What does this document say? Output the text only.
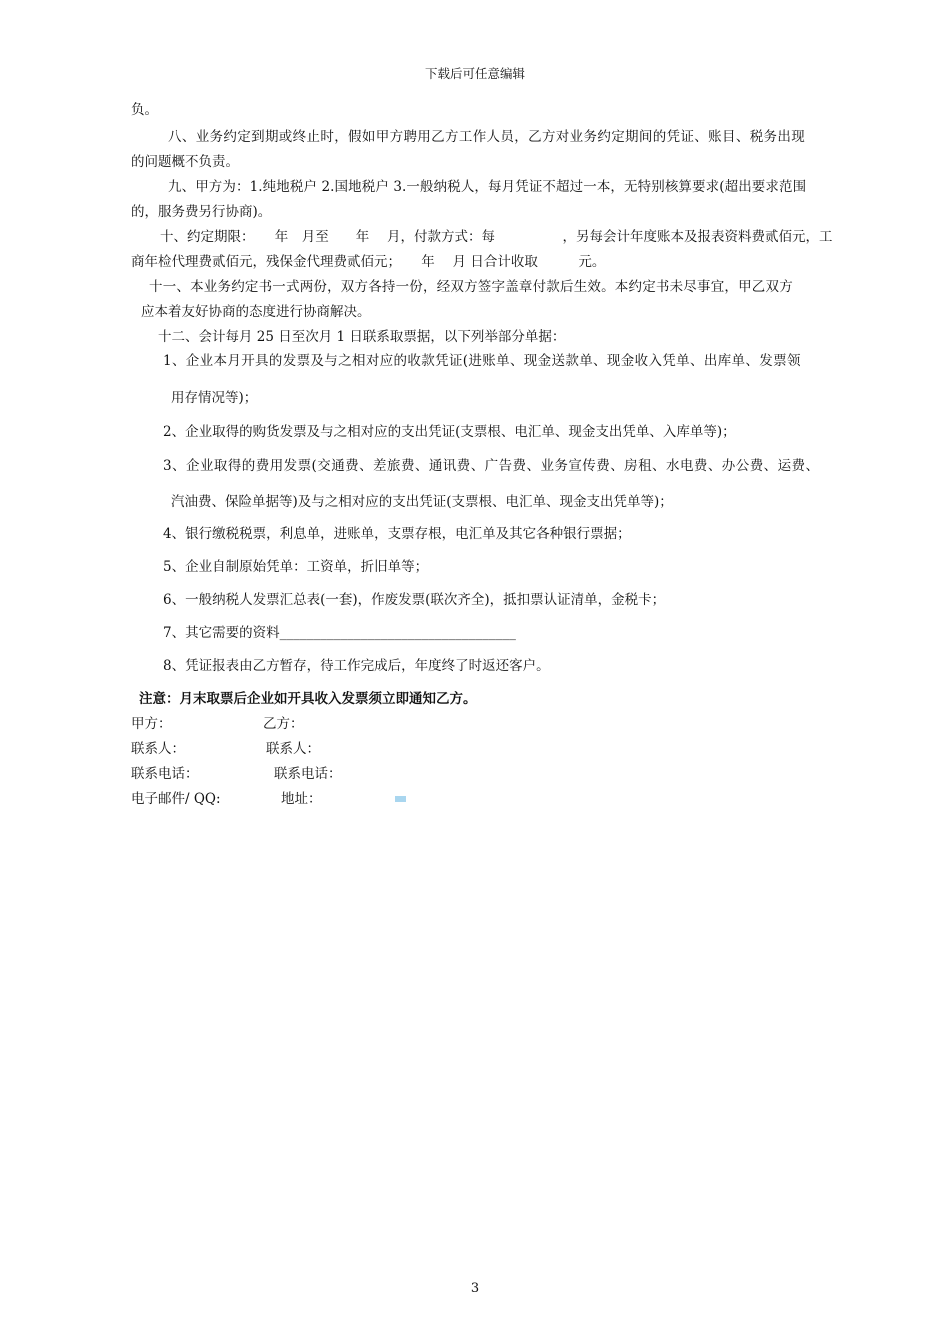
下载后可任意编辑
负。
八、业务约定到期或终止时，假如甲方聘用乙方工作人员，乙方对业务约定期间的凭证、账目、税务出现
的问题概不负责。
九、甲方为：1.纯地税户 2.国地税户 3.一般纳税人，每月凭证不超过一本，无特别核算要求(超出要求范围
的，服务费另行协商)。
十、约定期限：　　年　月至　　年　 月，付款方式：每　　　　　，另每会计年度账本及报表资料费贰佰元，工
商年检代理费贰佰元，残保金代理费贰佰元；　　年　 月 日合计收取　　　元。
十一、本业务约定书一式两份，双方各持一份，经双方签字盖章付款后生效。本约定书未尽事宜，甲乙双方
应本着友好协商的态度进行协商解决。
十二、会计每月 25 日至次月 1 日联系取票据，以下列举部分单据：
1、企业本月开具的发票及与之相对应的收款凭证(进账单、现金送款单、现金收入凭单、出库单、发票领
用存情况等)；
2、企业取得的购货发票及与之相对应的支出凭证(支票根、电汇单、现金支出凭单、入库单等)；
3、企业取得的费用发票(交通费、差旅费、通讯费、广告费、业务宣传费、房租、水电费、办公费、运费、
汽油费、保险单据等)及与之相对应的支出凭证(支票根、电汇单、现金支出凭单等)；
4、银行缴税税票，利息单，进账单，支票存根，电汇单及其它各种银行票据；
5、企业自制原始凭单：工资单，折旧单等；
6、一般纳税人发票汇总表(一套)，作废发票(联次齐全)，抵扣票认证清单，金税卡；
7、其它需要的资料___________________________________
8、凭证报表由乙方暂存，待工作完成后，年度终了时返还客户。
注意：月末取票后企业如开具收入发票须立即通知乙方。
甲方：	乙方：
联系人：	联系人：
联系电话：	联系电话：
电子邮件/ QQ:	地址：
3
